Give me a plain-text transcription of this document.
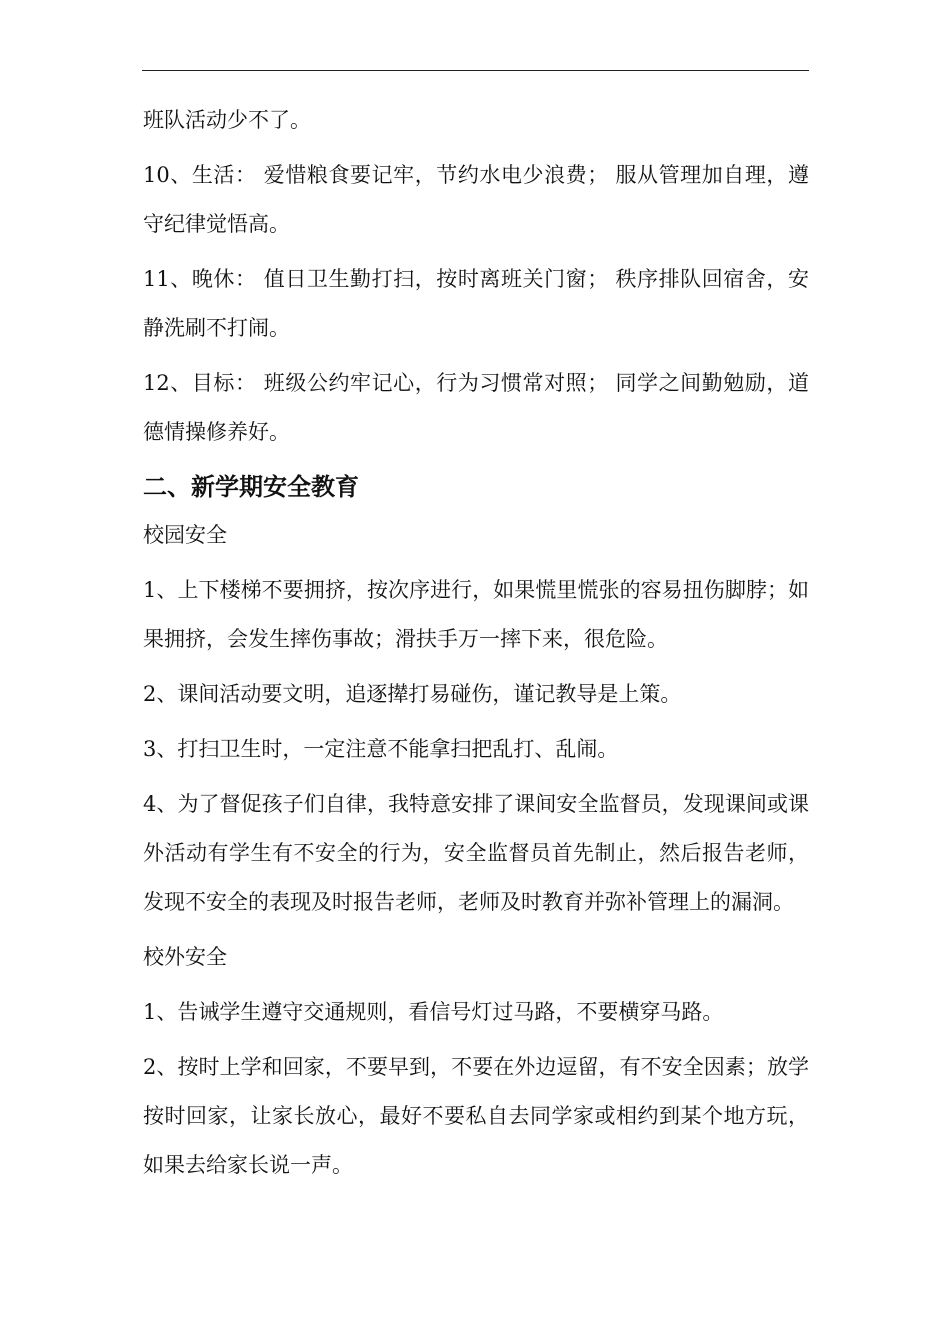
班队活动少不了。

10、生活： 爱惜粮食要记牢，节约水电少浪费； 服从管理加自理，遵守纪律觉悟高。

11、晚休： 值日卫生勤打扫，按时离班关门窗； 秩序排队回宿舍，安静洗刷不打闹。

12、目标： 班级公约牢记心，行为习惯常对照； 同学之间勤勉励，道德情操修养好。

二、新学期安全教育

校园安全

1、上下楼梯不要拥挤，按次序进行，如果慌里慌张的容易扭伤脚脖；如果拥挤，会发生摔伤事故；滑扶手万一摔下来，很危险。

2、课间活动要文明，追逐撵打易碰伤，谨记教导是上策。

3、打扫卫生时，一定注意不能拿扫把乱打、乱闹。

4、为了督促孩子们自律，我特意安排了课间安全监督员，发现课间或课外活动有学生有不安全的行为，安全监督员首先制止，然后报告老师，发现不安全的表现及时报告老师，老师及时教育并弥补管理上的漏洞。

校外安全

1、告诫学生遵守交通规则，看信号灯过马路，不要横穿马路。

2、按时上学和回家，不要早到，不要在外边逗留，有不安全因素；放学按时回家，让家长放心，最好不要私自去同学家或相约到某个地方玩，如果去给家长说一声。
